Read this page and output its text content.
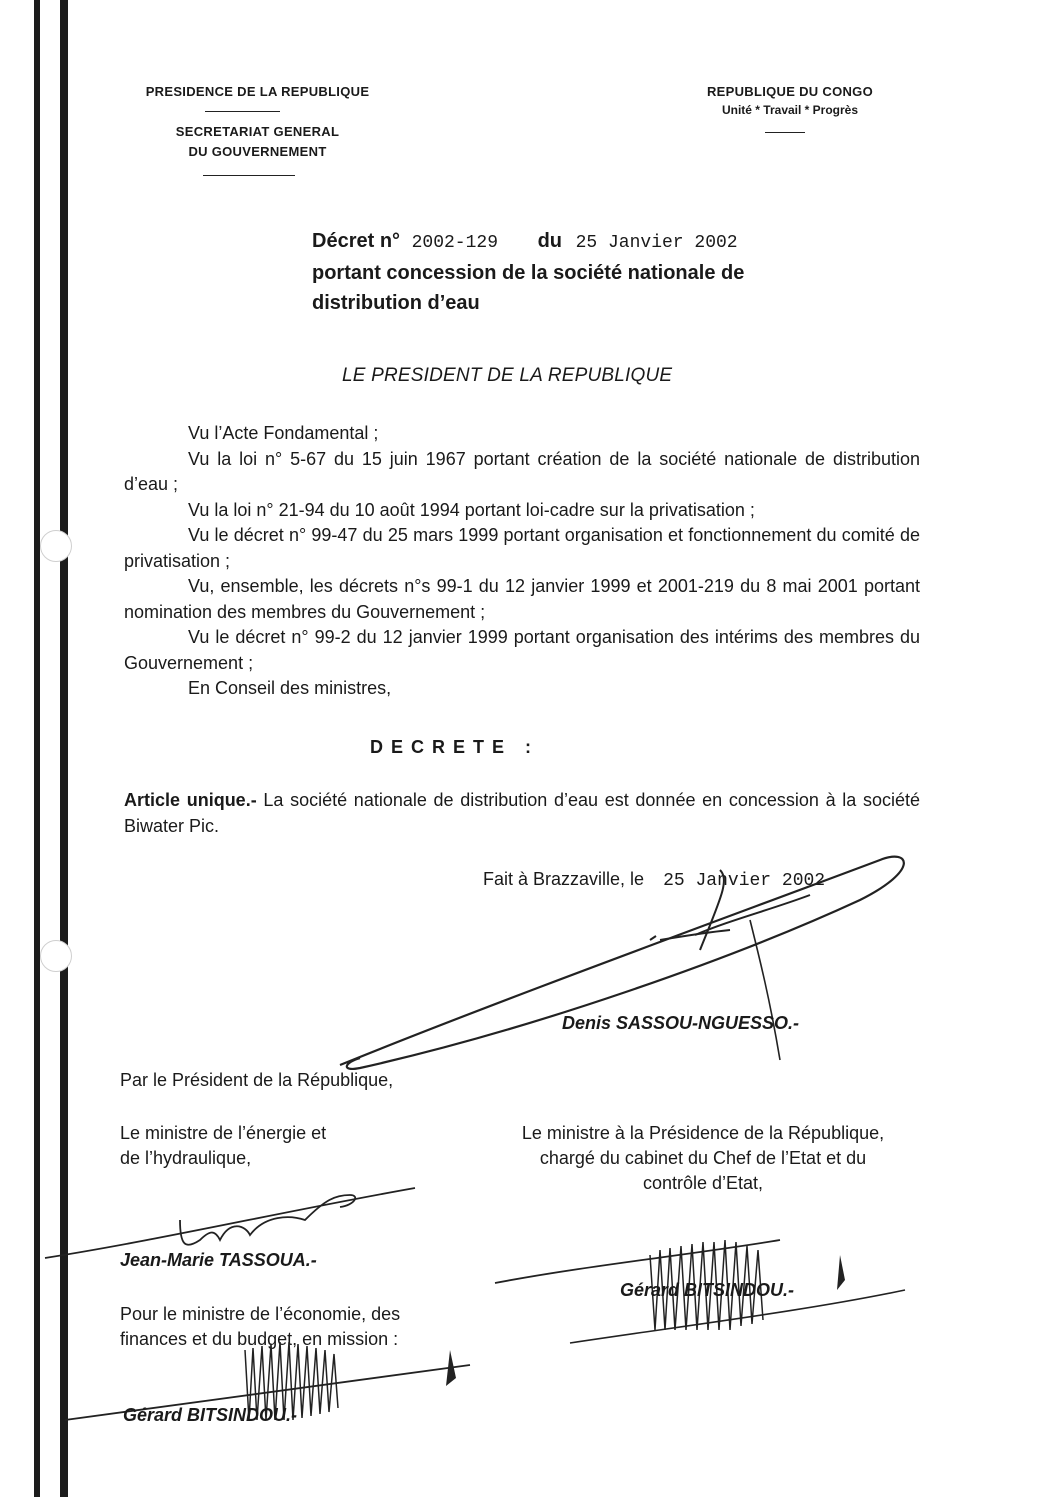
PRESIDENCE DE LA REPUBLIQUE
SECRETARIAT GENERAL
DU GOUVERNEMENT
REPUBLIQUE DU CONGO
Unité * Travail * Progrès
Décret n° 2002-129 du 25 Janvier 2002
portant concession de la société nationale de
distribution d’eau
LE PRESIDENT DE LA REPUBLIQUE

Vu l’Acte Fondamental ;

Vu la loi n° 5-67 du 15 juin 1967 portant création de la société nationale de distribution d’eau ;

Vu la loi n° 21-94 du 10 août 1994 portant loi-cadre sur la privatisation ;

Vu le décret n° 99-47 du 25 mars 1999 portant organisation et fonctionnement du comité de privatisation ;

Vu, ensemble, les décrets n°s 99-1 du 12 janvier 1999 et 2001-219 du 8 mai 2001 portant nomination des membres du Gouvernement ;

Vu le décret n° 99-2 du 12 janvier 1999 portant organisation des intérims des membres du Gouvernement ;

En Conseil des ministres,

DECRETE :

Article unique.- La société nationale de distribution d’eau est donnée en concession à la société Biwater Pic.

Fait à Brazzaville, le 25 Janvier 2002
Denis SASSOU-NGUESSO.-
Par le Président de la République,
Le ministre de l’énergie et
de l’hydraulique,
Jean-Marie TASSOUA.-
Le ministre à la Présidence de la République,
chargé du cabinet du Chef de l’Etat et du
contrôle d’Etat,
Gérard BITSINDOU.-
Pour le ministre de l’économie, des
finances et du budget, en mission :
Gérard BITSINDOU.-
